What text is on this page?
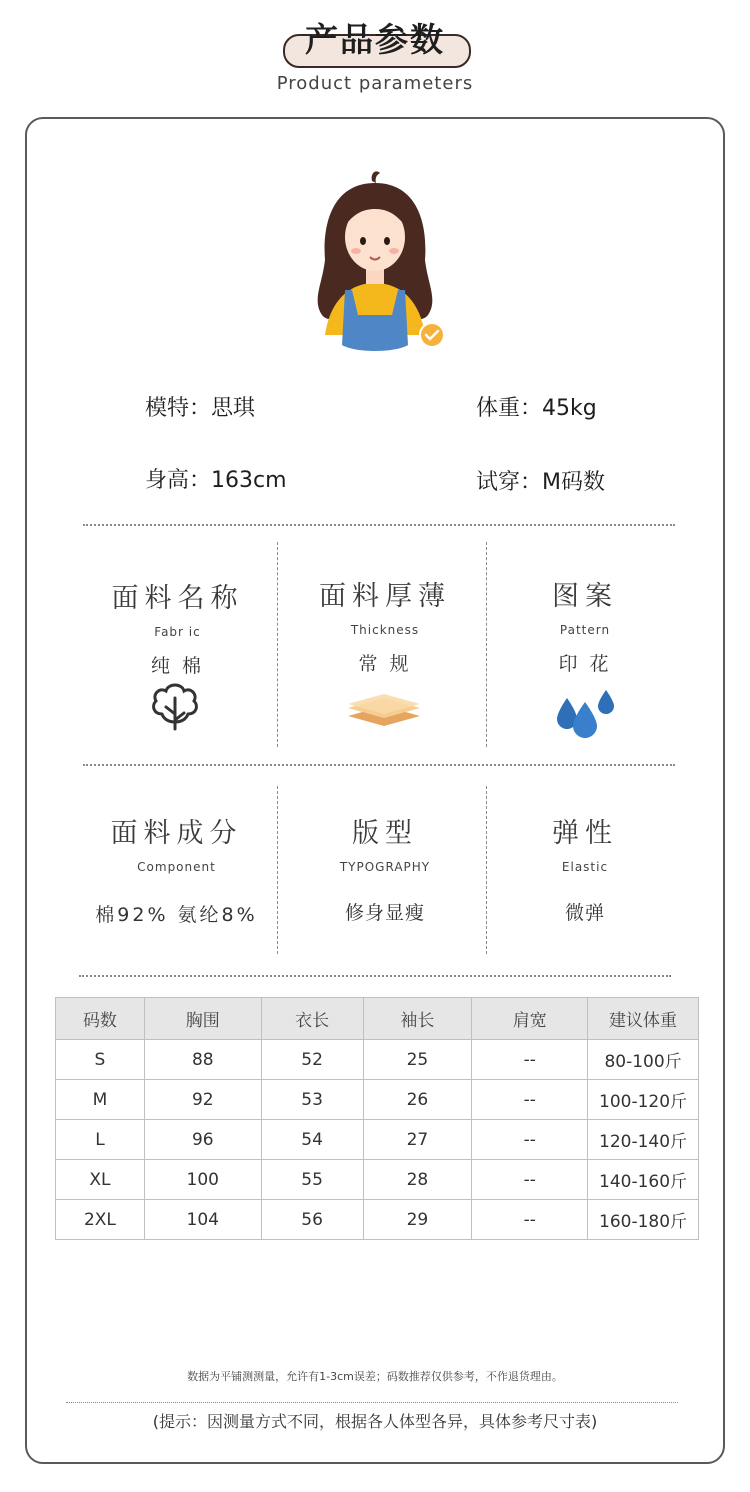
产品参数
Product parameters
模特：思琪	体重：45kg
身高：163cm	试穿：M码数
面料名称
Fabr ic
纯 棉
面料厚薄
Thickness
常 规
图案
Pattern
印 花
面料成分
Component
棉92% 氨纶8%
版型
TYPOGRAPHY
修身显瘦
弹性
Elastic
微弹
码数	胸围	衣长	袖长	肩宽	建议体重
S	88	52	25	--	80-100斤
M	92	53	26	--	100-120斤
L	96	54	27	--	120-140斤
XL	100	55	28	--	140-160斤
2XL	104	56	29	--	160-180斤
数据为平铺测测量，允许有1-3cm误差；码数推荐仅供参考，不作退货理由。
(提示：因测量方式不同，根据各人体型各异，具体参考尺寸表)
